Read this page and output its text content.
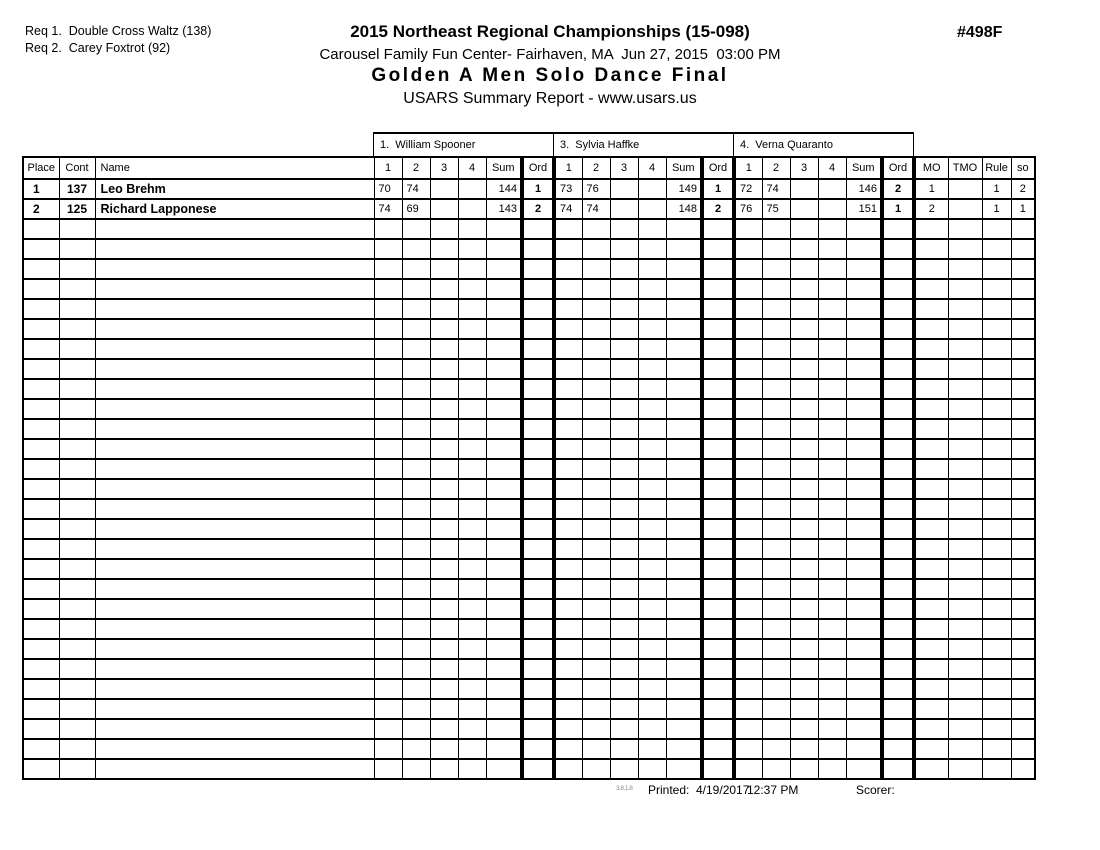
Req 1.  Double Cross Waltz (138)
Req 2.  Carey Foxtrot (92)
2015 Northeast Regional Championships (15-098)
Carousel Family Fun Center- Fairhaven, MA  Jun 27, 2015  03:00 PM
Golden A Men Solo Dance Final
USARS Summary Report - www.usars.us
#498F
1.  William Spooner	3.  Sylvia Haffke	4.  Verna Quaranto
Place	Cont	Name	1	2	3	4	Sum	Ord	1	2	3	4	Sum	Ord	1	2	3	4	Sum	Ord	MO	TMO	Rule	so
1	137	Leo Brehm	70	74			144	1	73	76			149	1	72	74			146	2	1		1	2
2	125	Richard Lapponese	74	69			143	2	74	74			148	2	76	75			151	1	2		1	1

3.8.1.8 Printed: 4/19/2017
12:37 PM	Scorer:
